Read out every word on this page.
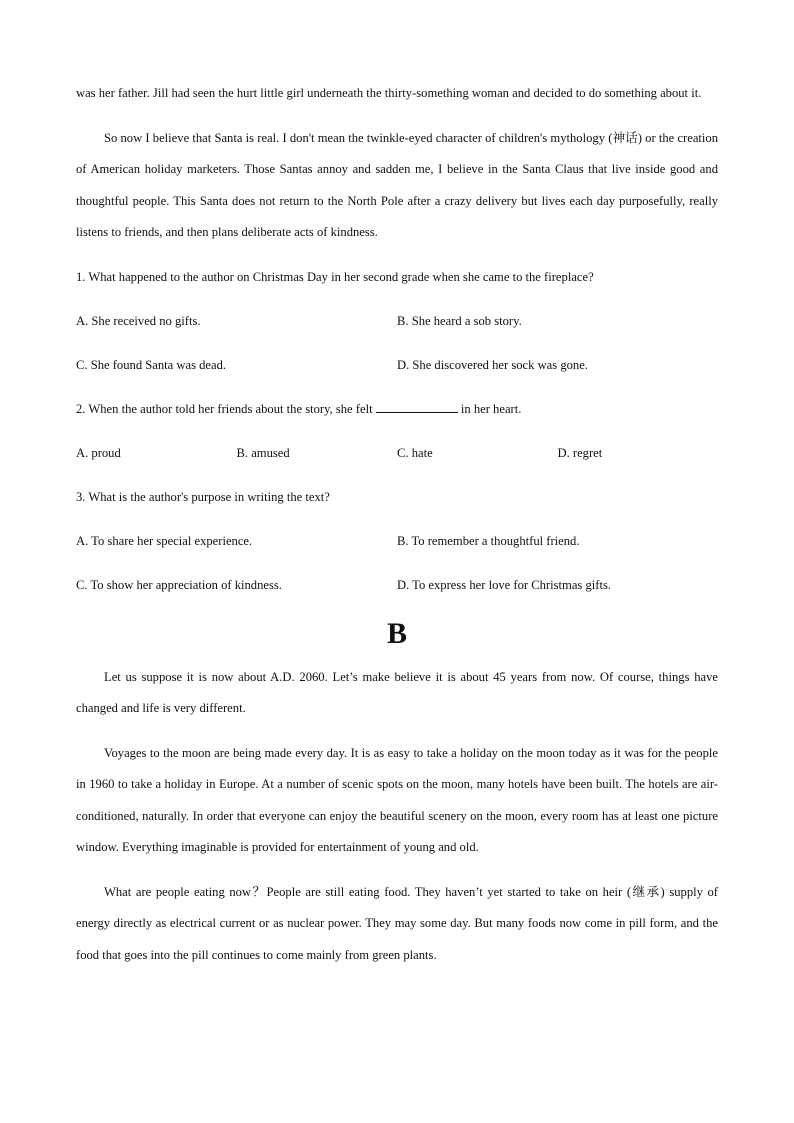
was her father. Jill had seen the hurt little girl underneath the thirty-something woman and decided to do something about it.

So now I believe that Santa is real. I don't mean the twinkle-eyed character of children's mythology (神话) or the creation of American holiday marketers. Those Santas annoy and sadden me, I believe in the Santa Claus that live inside good and thoughtful people. This Santa does not return to the North Pole after a crazy delivery but lives each day purposefully, really listens to friends, and then plans deliberate acts of kindness.

1. What happened to the author on Christmas Day in her second grade when she came to the fireplace?

A. She received no gifts.	B. She heard a sob story.
C. She found Santa was dead.	D. She discovered her sock was gone.

2. When the author told her friends about the story, she felt	in her heart.

A. proud	B. amused	C. hate	D. regret

3. What is the author's purpose in writing the text?

A. To share her special experience.	B. To remember a thoughtful friend.
C. To show her appreciation of kindness.	D. To express her love for Christmas gifts.
B

Let us suppose it is now about A.D. 2060. Let’s make believe it is about 45 years from now. Of course, things have changed and life is very different.

Voyages to the moon are being made every day. It is as easy to take a holiday on the moon today as it was for the people in 1960 to take a holiday in Europe. At a number of scenic spots on the moon, many hotels have been built. The hotels are air-conditioned, naturally. In order that everyone can enjoy the beautiful scenery on the moon, every room has at least one picture window. Everything imaginable is provided for entertainment of young and old.

What are people eating now？People are still eating food. They haven’t yet started to take on heir (继承) supply of energy directly as electrical current or as nuclear power. They may some day. But many foods now come in pill form, and the food that goes into the pill continues to come mainly from green plants.
